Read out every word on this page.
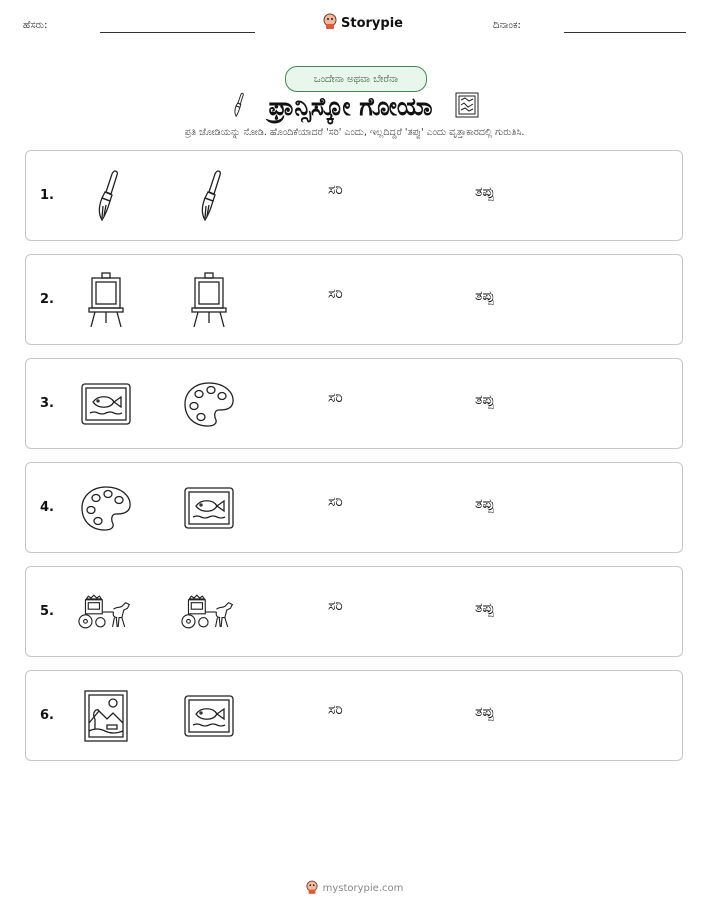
ಹೆಸರು:	Storypie	ದಿನಾಂಕ:
ಒಂದೇನಾ ಅಥವಾ ಬೇರೆನಾ
ಫ್ರಾನ್ಸಿಸ್ಕೋ ಗೋಯಾ
ಪ್ರತಿ ಜೋಡಿಯನ್ನು ನೋಡಿ. ಹೊಂದಿಕೆಯಾದರೆ 'ಸರಿ' ಎಂದು, ಇಲ್ಲದಿದ್ದರೆ 'ತಪ್ಪು' ಎಂದು ವೃತ್ತಾಕಾರದಲ್ಲಿ ಗುರುತಿಸಿ.
1.	ಸರಿ	ತಪ್ಪು
2.	ಸರಿ	ತಪ್ಪು
3.	ಸರಿ	ತಪ್ಪು
4.	ಸರಿ	ತಪ್ಪು
5.	ಸರಿ	ತಪ್ಪು
6.	ಸರಿ	ತಪ್ಪು
mystorypie.com
